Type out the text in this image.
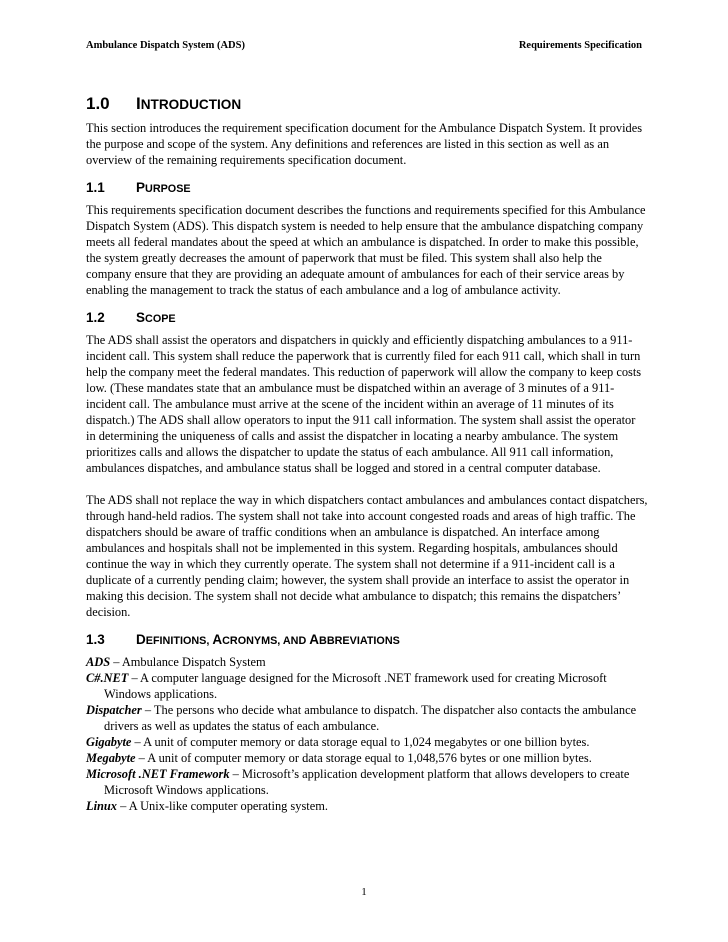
Ambulance Dispatch System (ADS)	Requirements Specification
1.0	INTRODUCTION

This section introduces the requirement specification document for the Ambulance Dispatch System. It provides the purpose and scope of the system. Any definitions and references are listed in this section as well as an overview of the remaining requirements specification document.

1.1	PURPOSE

This requirements specification document describes the functions and requirements specified for this Ambulance Dispatch System (ADS). This dispatch system is needed to help ensure that the ambulance dispatching company meets all federal mandates about the speed at which an ambulance is dispatched. In order to make this possible, the system greatly decreases the amount of paperwork that must be filed. This system shall also help the company ensure that they are providing an adequate amount of ambulances for each of their service areas by enabling the management to track the status of each ambulance and a log of ambulance activity.

1.2	SCOPE

The ADS shall assist the operators and dispatchers in quickly and efficiently dispatching ambulances to a 911-incident call. This system shall reduce the paperwork that is currently filed for each 911 call, which shall in turn help the company meet the federal mandates. This reduction of paperwork will allow the company to keep costs low. (These mandates state that an ambulance must be dispatched within an average of 3 minutes of a 911-incident call. The ambulance must arrive at the scene of the incident within an average of 11 minutes of its dispatch.) The ADS shall allow operators to input the 911 call information. The system shall assist the operator in determining the uniqueness of calls and assist the dispatcher in locating a nearby ambulance. The system prioritizes calls and allows the dispatcher to update the status of each ambulance. All 911 call information, ambulances dispatches, and ambulance status shall be logged and stored in a central computer database.

The ADS shall not replace the way in which dispatchers contact ambulances and ambulances contact dispatchers, through hand-held radios. The system shall not take into account congested roads and areas of high traffic. The dispatchers should be aware of traffic conditions when an ambulance is dispatched. An interface among ambulances and hospitals shall not be implemented in this system. Regarding hospitals, ambulances should continue the way in which they currently operate. The system shall not determine if a 911-incident call is a duplicate of a currently pending claim; however, the system shall provide an interface to assist the operator in making this decision. The system shall not decide what ambulance to dispatch; this remains the dispatchers’ decision.

1.3	DEFINITIONS, ACRONYMS, AND ABBREVIATIONS

ADS – Ambulance Dispatch System

C#.NET – A computer language designed for the Microsoft .NET framework used for creating Microsoft Windows applications.

Dispatcher – The persons who decide what ambulance to dispatch. The dispatcher also contacts the ambulance drivers as well as updates the status of each ambulance.

Gigabyte – A unit of computer memory or data storage equal to 1,024 megabytes or one billion bytes.

Megabyte – A unit of computer memory or data storage equal to 1,048,576 bytes or one million bytes.

Microsoft .NET Framework – Microsoft’s application development platform that allows developers to create Microsoft Windows applications.

Linux – A Unix-like computer operating system.

1
